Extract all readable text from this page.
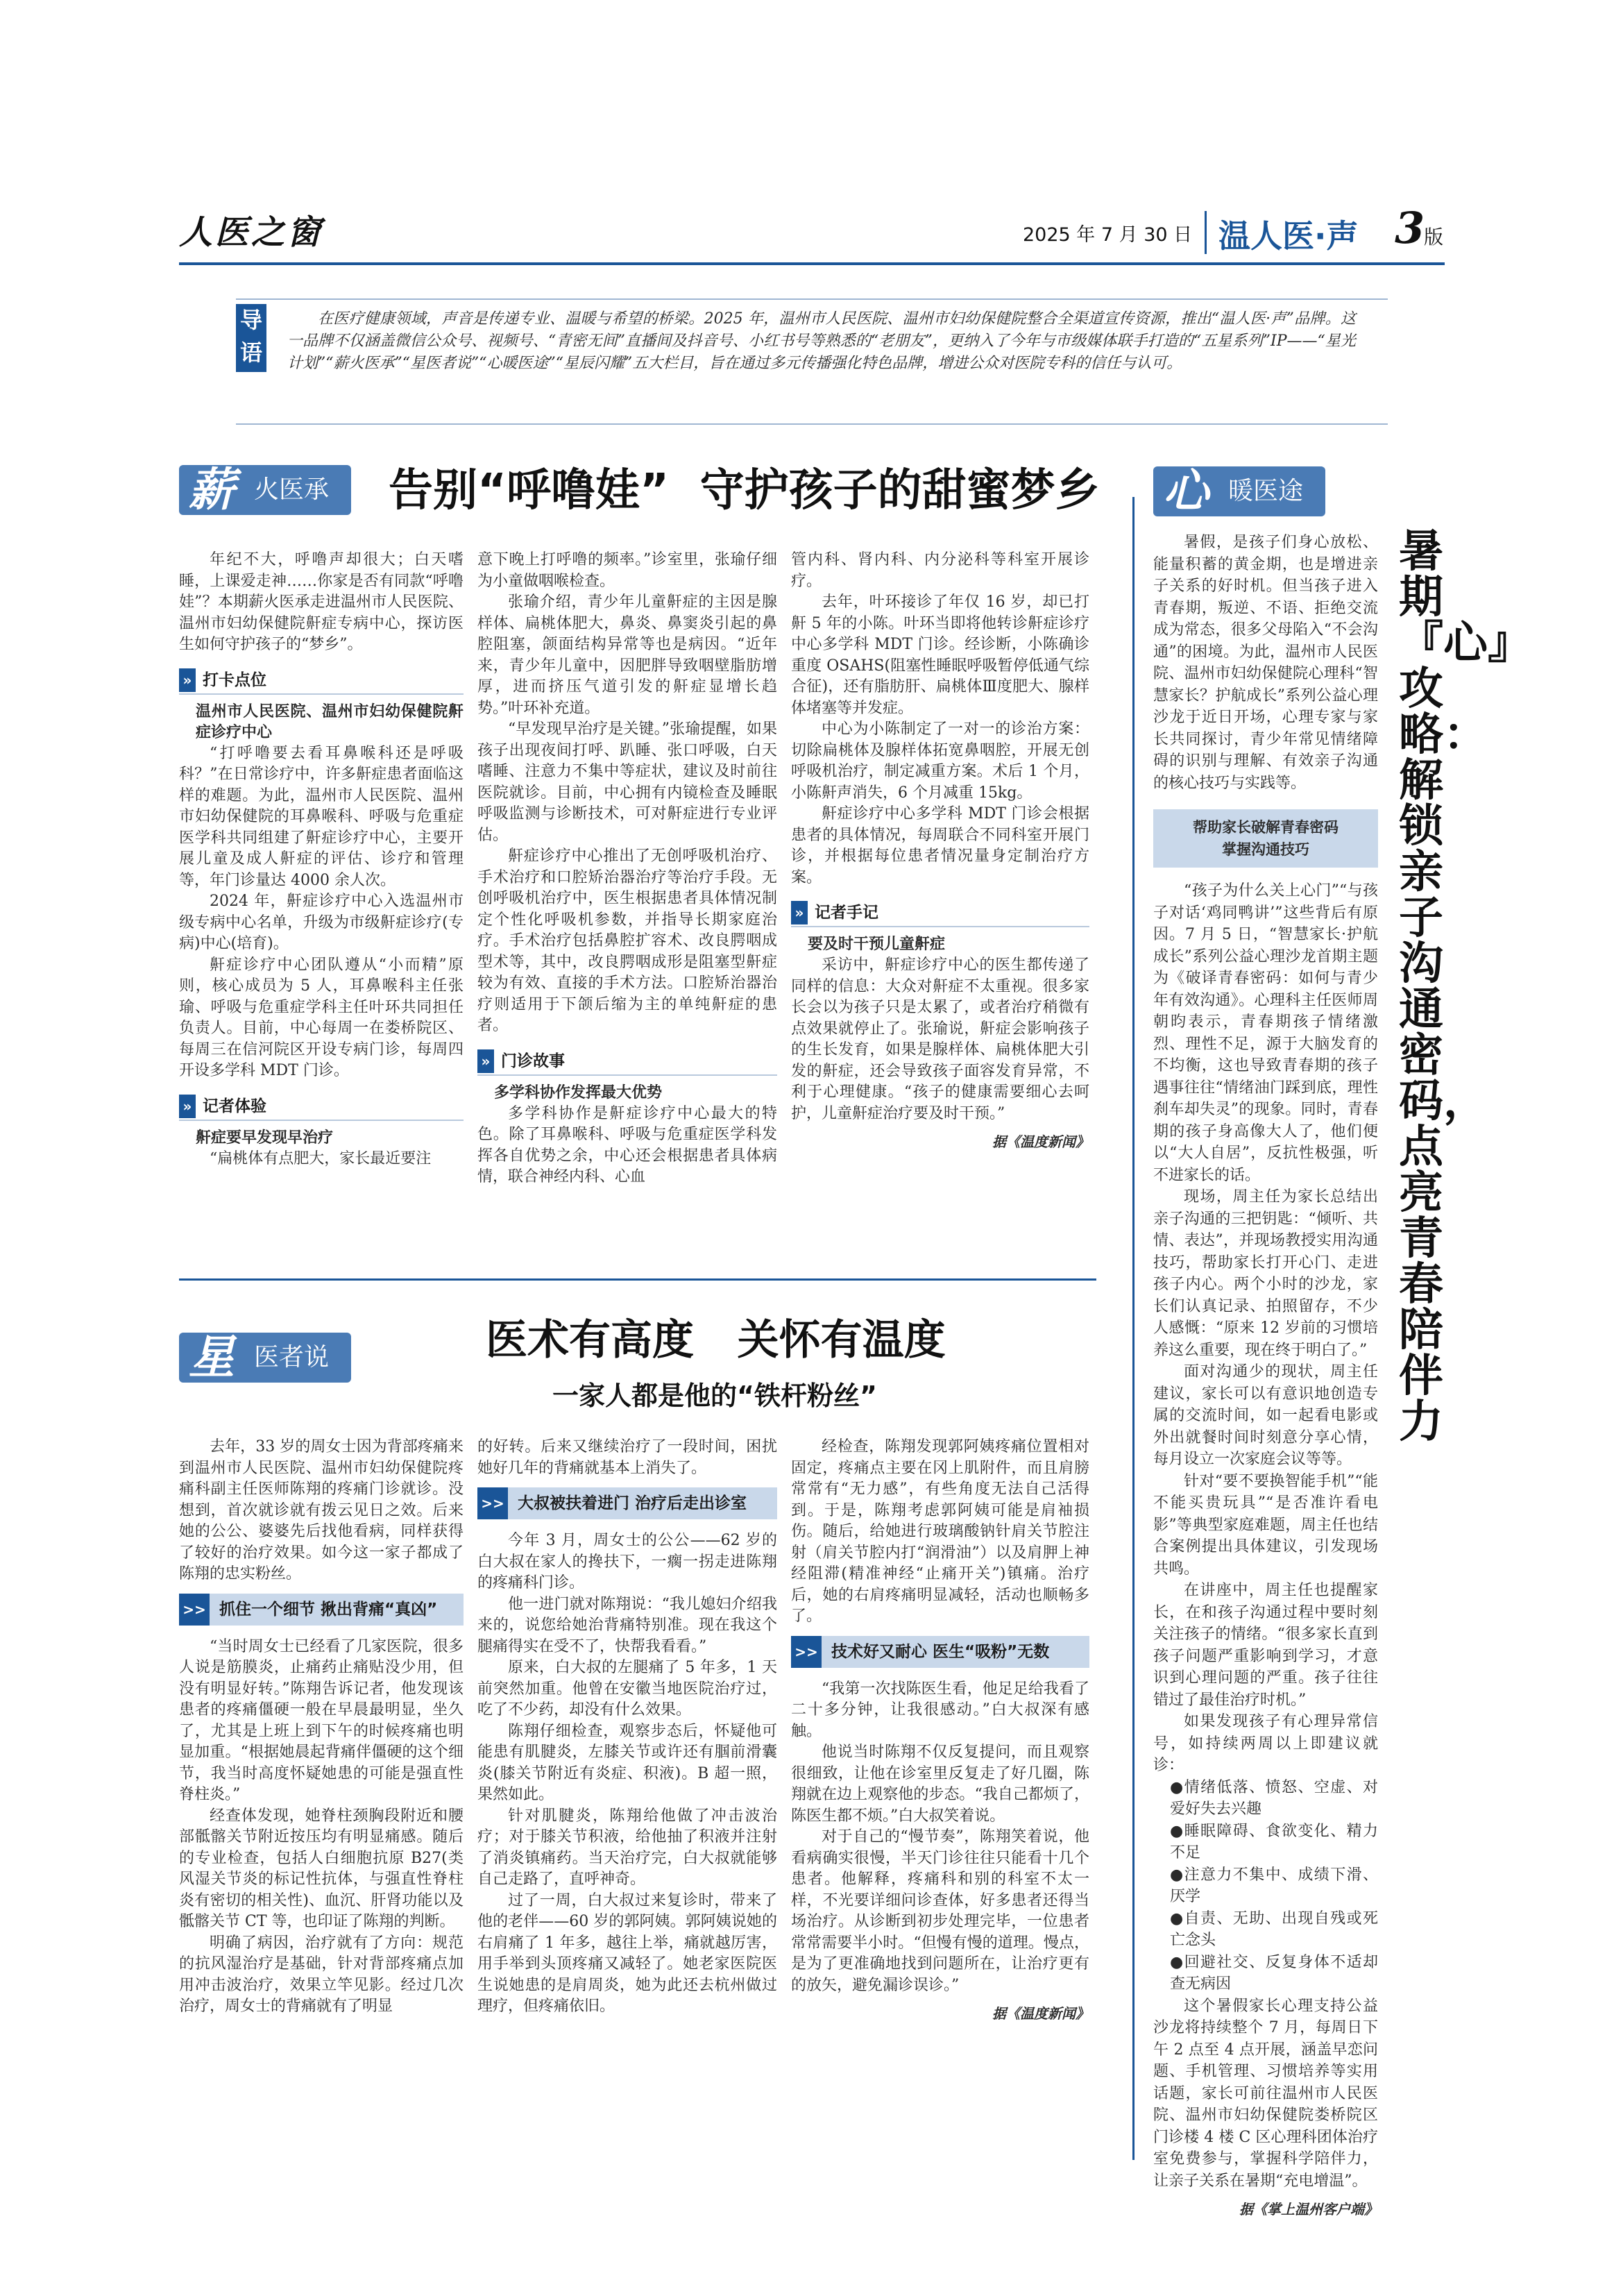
人医之窗	2025 年 7 月 30 日 温人医·声 3
版
导语
在医疗健康领域，声音是传递专业、温暖与希望的桥梁。2025 年，温州市人民医院、温州市妇幼保健院整合全渠道宣传资源，推出“温人医·声”品牌。这一品牌不仅涵盖微信公众号、视频号、“青密无间”直播间及抖音号、小红书号等熟悉的“老朋友”，更纳入了今年与市级媒体联手打造的“五星系列”IP——“星光计划”“薪火医承”“星医者说”“心暖医途”“星辰闪耀”五大栏目，旨在通过多元传播强化特色品牌，增进公众对医院专科的信任与认可。
薪 火医承 告别“呼噜娃”  守护孩子的甜蜜梦乡

年纪不大，呼噜声却很大；白天嗜睡，上课爱走神……你家是否有同款“呼噜娃”？本期薪火医承走进温州市人民医院、温州市妇幼保健院鼾症专病中心，探访医生如何守护孩子的“梦乡”。

» 打卡点位

温州市人民医院、温州市妇幼保健院鼾症诊疗中心

“打呼噜要去看耳鼻喉科还是呼吸科？”在日常诊疗中，许多鼾症患者面临这样的难题。为此，温州市人民医院、温州市妇幼保健院的耳鼻喉科、呼吸与危重症医学科共同组建了鼾症诊疗中心，主要开展儿童及成人鼾症的评估、诊疗和管理等，年门诊量达 4000 余人次。

2024 年，鼾症诊疗中心入选温州市级专病中心名单，升级为市级鼾症诊疗(专病)中心(培育)。

鼾症诊疗中心团队遵从“小而精”原则，核心成员为 5 人，耳鼻喉科主任张瑜、呼吸与危重症学科主任叶环共同担任负责人。目前，中心每周一在娄桥院区、每周三在信河院区开设专病门诊，每周四开设多学科 MDT 门诊。

» 记者体验

鼾症要早发现早治疗

“扁桃体有点肥大，家长最近要注

意下晚上打呼噜的频率。”诊室里，张瑜仔细为小童做咽喉检查。

张瑜介绍，青少年儿童鼾症的主因是腺样体、扁桃体肥大，鼻炎、鼻窦炎引起的鼻腔阻塞，颌面结构异常等也是病因。“近年来，青少年儿童中，因肥胖导致咽壁脂肪增厚，进而挤压气道引发的鼾症显增长趋势。”叶环补充道。

“早发现早治疗是关键。”张瑜提醒，如果孩子出现夜间打呼、趴睡、张口呼吸，白天嗜睡、注意力不集中等症状，建议及时前往医院就诊。目前，中心拥有内镜检查及睡眠呼吸监测与诊断技术，可对鼾症进行专业评估。

鼾症诊疗中心推出了无创呼吸机治疗、手术治疗和口腔矫治器治疗等治疗手段。无创呼吸机治疗中，医生根据患者具体情况制定个性化呼吸机参数，并指导长期家庭治疗。手术治疗包括鼻腔扩容术、改良腭咽成型术等，其中，改良腭咽成形是阻塞型鼾症较为有效、直接的手术方法。口腔矫治器治疗则适用于下颌后缩为主的单纯鼾症的患者。

» 门诊故事

多学科协作发挥最大优势

多学科协作是鼾症诊疗中心最大的特色。除了耳鼻喉科、呼吸与危重症医学科发挥各自优势之余，中心还会根据患者具体病情，联合神经内科、心血

管内科、肾内科、内分泌科等科室开展诊疗。

去年，叶环接诊了年仅 16 岁，却已打鼾 5 年的小陈。叶环当即将他转诊鼾症诊疗中心多学科 MDT 门诊。经诊断，小陈确诊重度 OSAHS(阻塞性睡眠呼吸暂停低通气综合征)，还有脂肪肝、扁桃体Ⅲ度肥大、腺样体堵塞等并发症。

中心为小陈制定了一对一的诊治方案：切除扁桃体及腺样体拓宽鼻咽腔，开展无创呼吸机治疗，制定减重方案。术后 1 个月，小陈鼾声消失，6 个月减重 15kg。

鼾症诊疗中心多学科 MDT 门诊会根据患者的具体情况，每周联合不同科室开展门诊，并根据每位患者情况量身定制治疗方案。

» 记者手记

要及时干预儿童鼾症

采访中，鼾症诊疗中心的医生都传递了同样的信息：大众对鼾症不太重视。很多家长会以为孩子只是太累了，或者治疗稍微有点效果就停止了。张瑜说，鼾症会影响孩子的生长发育，如果是腺样体、扁桃体肥大引发的鼾症，还会导致孩子面容发育异常，不利于心理健康。“孩子的健康需要细心去呵护，儿童鼾症治疗要及时干预。”

据《温度新闻》

星 医者说	医术有高度   关怀有温度
一家人都是他的“铁杆粉丝”

去年，33 岁的周女士因为背部疼痛来到温州市人民医院、温州市妇幼保健院疼痛科副主任医师陈翔的疼痛门诊就诊。没想到，首次就诊就有拨云见日之效。后来她的公公、婆婆先后找他看病，同样获得了较好的治疗效果。如今这一家子都成了陈翔的忠实粉丝。

>> 抓住一个细节 揪出背痛“真凶”

“当时周女士已经看了几家医院，很多人说是筋膜炎，止痛药止痛贴没少用，但没有明显好转。”陈翔告诉记者，他发现该患者的疼痛僵硬一般在早晨最明显，坐久了，尤其是上班上到下午的时候疼痛也明显加重。“根据她晨起背痛伴僵硬的这个细节，我当时高度怀疑她患的可能是强直性脊柱炎。”

经查体发现，她脊柱颈胸段附近和腰部骶髂关节附近按压均有明显痛感。随后的专业检查，包括人白细胞抗原 B27(类风湿关节炎的标记性抗体，与强直性脊柱炎有密切的相关性)、血沉、肝肾功能以及骶髂关节 CT 等，也印证了陈翔的判断。

明确了病因，治疗就有了方向：规范的抗风湿治疗是基础，针对背部疼痛点加用冲击波治疗，效果立竿见影。经过几次治疗，周女士的背痛就有了明显

的好转。后来又继续治疗了一段时间，困扰她好几年的背痛就基本上消失了。

>> 大叔被扶着进门 治疗后走出诊室

今年 3 月，周女士的公公——62 岁的白大叔在家人的搀扶下，一瘸一拐走进陈翔的疼痛科门诊。

他一进门就对陈翔说：“我儿媳妇介绍我来的，说您给她治背痛特别准。现在我这个腿痛得实在受不了，快帮我看看。”

原来，白大叔的左腿痛了 5 年多，1 天前突然加重。他曾在安徽当地医院治疗过，吃了不少药，却没有什么效果。

陈翔仔细检查，观察步态后，怀疑他可能患有肌腱炎，左膝关节或许还有腘前滑囊炎(膝关节附近有炎症、积液)。B 超一照，果然如此。

针对肌腱炎，陈翔给他做了冲击波治疗；对于膝关节积液，给他抽了积液并注射了消炎镇痛药。当天治疗完，白大叔就能够自己走路了，直呼神奇。

过了一周，白大叔过来复诊时，带来了他的老伴——60 岁的郭阿姨。郭阿姨说她的右肩痛了 1 年多，越往上举，痛就越厉害，用手举到头顶疼痛又减轻了。她老家医院医生说她患的是肩周炎，她为此还去杭州做过理疗，但疼痛依旧。

经检查，陈翔发现郭阿姨疼痛位置相对固定，疼痛点主要在冈上肌附件，而且肩膀常常有“无力感”，有些角度无法自己活得到。于是，陈翔考虑郭阿姨可能是肩袖损伤。随后，给她进行玻璃酸钠针肩关节腔注射（肩关节腔内打“润滑油”）以及肩胛上神经阻滞(精准神经“止痛开关”)镇痛。治疗后，她的右肩疼痛明显减轻，活动也顺畅多了。

>> 技术好又耐心 医生“吸粉”无数

“我第一次找陈医生看，他足足给我看了二十多分钟，让我很感动。”白大叔深有感触。

他说当时陈翔不仅反复提问，而且观察很细致，让他在诊室里反复走了好几圈，陈翔就在边上观察他的步态。“我自己都烦了，陈医生都不烦。”白大叔笑着说。

对于自己的“慢节奏”，陈翔笑着说，他看病确实很慢，半天门诊往往只能看十几个患者。他解释，疼痛科和别的科室不太一样，不光要详细问诊查体，好多患者还得当场治疗。从诊断到初步处理完毕，一位患者常常需要半小时。“但慢有慢的道理。慢点，是为了更准确地找到问题所在，让治疗更有的放矢，避免漏诊误诊。”

据《温度新闻》

心 暖医途
暑期『心』攻略：解锁亲子沟通密码，点亮青春陪伴力

暑假，是孩子们身心放松、能量积蓄的黄金期，也是增进亲子关系的好时机。但当孩子进入青春期，叛逆、不语、拒绝交流成为常态，很多父母陷入“不会沟通”的困境。为此，温州市人民医院、温州市妇幼保健院心理科“智慧家长？护航成长”系列公益心理沙龙于近日开场，心理专家与家长共同探讨，青少年常见情绪障碍的识别与理解、有效亲子沟通的核心技巧与实践等。

帮助家长破解青春密码
掌握沟通技巧

“孩子为什么关上心门”“与孩子对话‘鸡同鸭讲’”这些背后有原因。7 月 5 日，“智慧家长·护航成长”系列公益心理沙龙首期主题为《破译青春密码：如何与青少年有效沟通》。心理科主任医师周朝昀表示，青春期孩子情绪激烈、理性不足，源于大脑发育的不均衡，这也导致青春期的孩子遇事往往“情绪油门踩到底，理性刹车却失灵”的现象。同时，青春期的孩子身高像大人了，他们便以“大人自居”，反抗性极强，听不进家长的话。

现场，周主任为家长总结出亲子沟通的三把钥匙：“倾听、共情、表达”，并现场教授实用沟通技巧，帮助家长打开心门、走进孩子内心。两个小时的沙龙，家长们认真记录、拍照留存，不少人感慨：“原来 12 岁前的习惯培养这么重要，现在终于明白了。”

面对沟通少的现状，周主任建议，家长可以有意识地创造专属的交流时间，如一起看电影或外出就餐时间时刻意分享心情，每月设立一次家庭会议等等。

针对“要不要换智能手机”“能不能买贵玩具”“是否准许看电影”等典型家庭难题，周主任也结合案例提出具体建议，引发现场共鸣。

在讲座中，周主任也提醒家长，在和孩子沟通过程中要时刻关注孩子的情绪。“很多家长直到孩子问题严重影响到学习，才意识到心理问题的严重。孩子往往错过了最佳治疗时机。”

如果发现孩子有心理异常信号，如持续两周以上即建议就诊：

●情绪低落、愤怒、空虚、对爱好失去兴趣

●睡眠障碍、食欲变化、精力不足

●注意力不集中、成绩下滑、厌学

●自责、无助、出现自残或死亡念头

●回避社交、反复身体不适却查无病因

这个暑假家长心理支持公益沙龙将持续整个 7 月，每周日下午 2 点至 4 点开展，涵盖早恋问题、手机管理、习惯培养等实用话题，家长可前往温州市人民医院、温州市妇幼保健院娄桥院区门诊楼 4 楼 C 区心理科团体治疗室免费参与，掌握科学陪伴力，让亲子关系在暑期“充电增温”。

据《掌上温州客户端》
